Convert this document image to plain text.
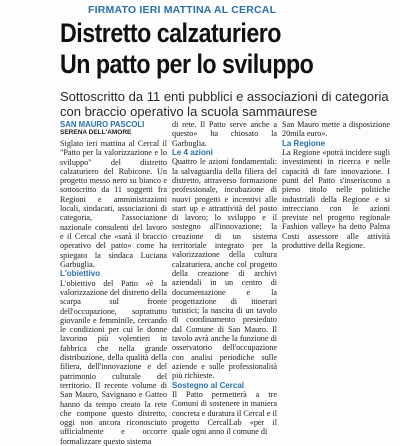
FIRMATO IERI MATTINA AL CERCAL
Distretto calzaturiero
Un patto per lo sviluppo
Sottoscritto da 11 enti pubblici e associazioni di categoria con braccio operativo la scuola sammaurese
SAN MAURO PASCOLI
SERENA DELL'AMORE

Siglato ieri mattina al Cercal il "Patto per la valorizzazione e lo sviluppo" del distretto calzaturiero del Rubicone. Un progetto messo nero su bianco e sottoscritto da 11 soggetti fra Regioni e amministrazioni locali, sindacati, associazioni di categoria, l'associazione nazionale consulenti del lavoro e il Cercal che «sarà il braccio operativo del patto» come ha spiegato la sindaca Luciana Garbuglia.

L'obiettivo

L'obiettivo del Patto «è la valorizzazione del distretto della scarpa sul fronte dell'occupazione, soprattutto giovanile e femminile, cercando le condizioni per cui le donne lavorino più volentieri in fabbrica che nella grande distribuzione, della qualità della filiera, dell'innovazione e del patrimonio culturale del territorio. Il recente volume di San Mauro, Savignano e Gatteo hanno da tempo creato la rete che compone questo distretto, oggi non ancora riconosciuto ufficialmente e occorre formalizzare questo sistema

di rete. Il Patto serve anche a questo» ha chiosato la Garbuglia.

Le 4 azioni

Quattro le azioni fondamentali: la salvaguardia della filiera del distretto, attraverso formazione professionale, incubazione di nuovi progetti e incentivi alle start up e attrattività del posto di lavoro; lo sviluppo e il sostegno all'innovazione; la creazione di un sistema territoriale integrato per la valorizzazione della cultura calzaturiera, anche col progetto della creazione di archivi aziendali in un centro di documentazione e la progettazione di itinerari turistici; la nascita di un tavolo di coordinamento presieduto dal Comune di San Mauro. Il tavolo avrà anche la funzione di osservatorio dell'occupazione con analisi periodiche sulle aziende e sulle professionalità più richieste.

Sostegno al Cercal

Il Patto permetterà a tre Comuni di sostenere in maniera concreta e duratura il Cercal e il progetto CercalLab «per il quale ogni anno il comune di

San Mauro mette a disposizione 20mila euro».

La Regione

La Regione «potrà incidere sugli investimenti in ricerca e nelle capacità di fare innovazione. I punti del Patto s'inseriscono a pieno titolo nelle politiche industriali della Regione e si intrecciano con le azioni previste nel progetto regionale Fashion valley» ha detto Palma Costi assessore alle attività produttive della Regione.
